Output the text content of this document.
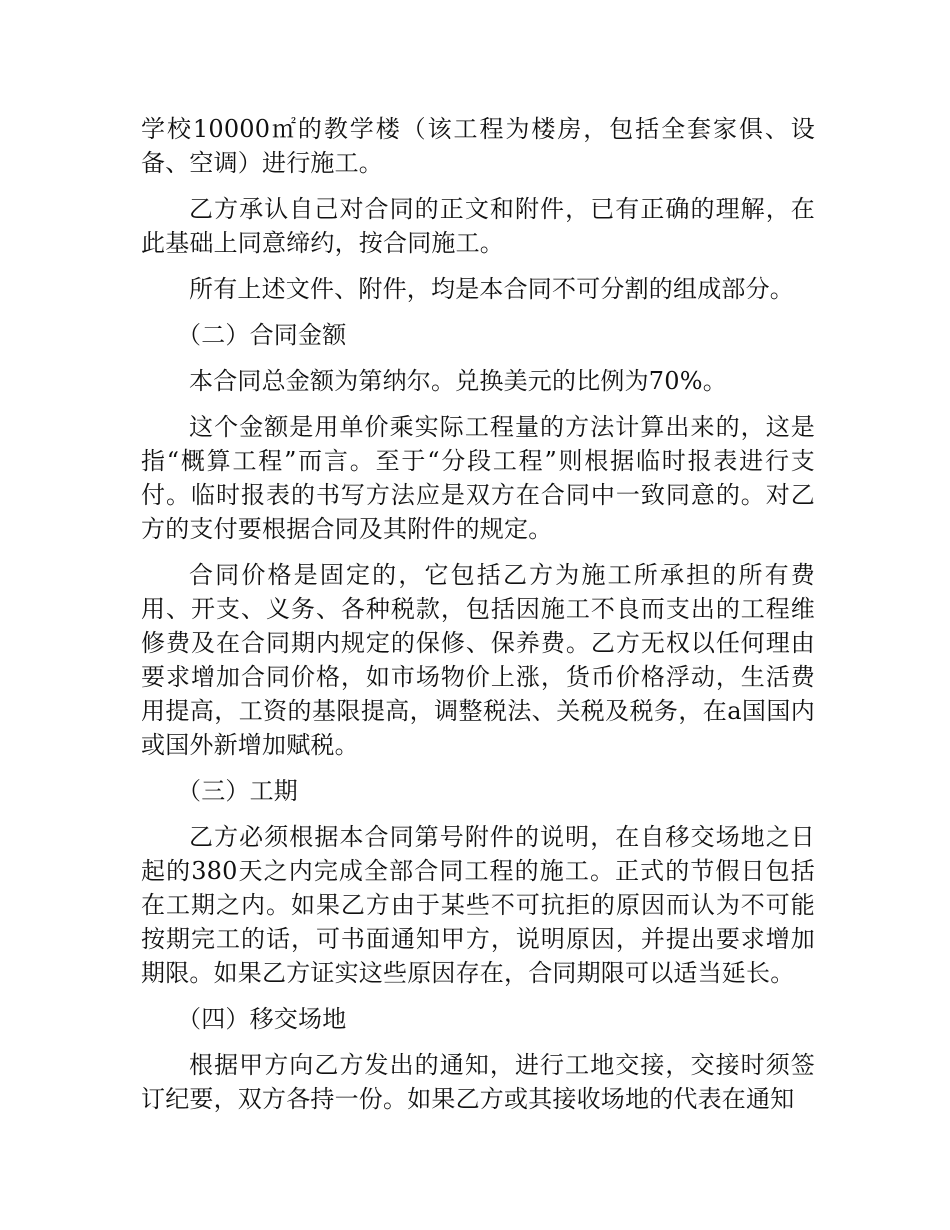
学校10000㎡的教学楼（该工程为楼房，包括全套家俱、设备、空调）进行施工。

乙方承认自己对合同的正文和附件，已有正确的理解，在此基础上同意缔约，按合同施工。

所有上述文件、附件，均是本合同不可分割的组成部分。

（二）合同金额

本合同总金额为第纳尔。兑换美元的比例为70%。

这个金额是用单价乘实际工程量的方法计算出来的，这是指“概算工程”而言。至于“分段工程”则根据临时报表进行支付。临时报表的书写方法应是双方在合同中一致同意的。对乙方的支付要根据合同及其附件的规定。

合同价格是固定的，它包括乙方为施工所承担的所有费用、开支、义务、各种税款，包括因施工不良而支出的工程维修费及在合同期内规定的保修、保养费。乙方无权以任何理由要求增加合同价格，如市场物价上涨，货币价格浮动，生活费用提高，工资的基限提高，调整税法、关税及税务，在a国国内或国外新增加赋税。

（三）工期

乙方必须根据本合同第号附件的说明，在自移交场地之日起的380天之内完成全部合同工程的施工。正式的节假日包括在工期之内。如果乙方由于某些不可抗拒的原因而认为不可能按期完工的话，可书面通知甲方，说明原因，并提出要求增加期限。如果乙方证实这些原因存在，合同期限可以适当延长。

（四）移交场地

根据甲方向乙方发出的通知，进行工地交接，交接时须签订纪要，双方各持一份。如果乙方或其接收场地的代表在通知
